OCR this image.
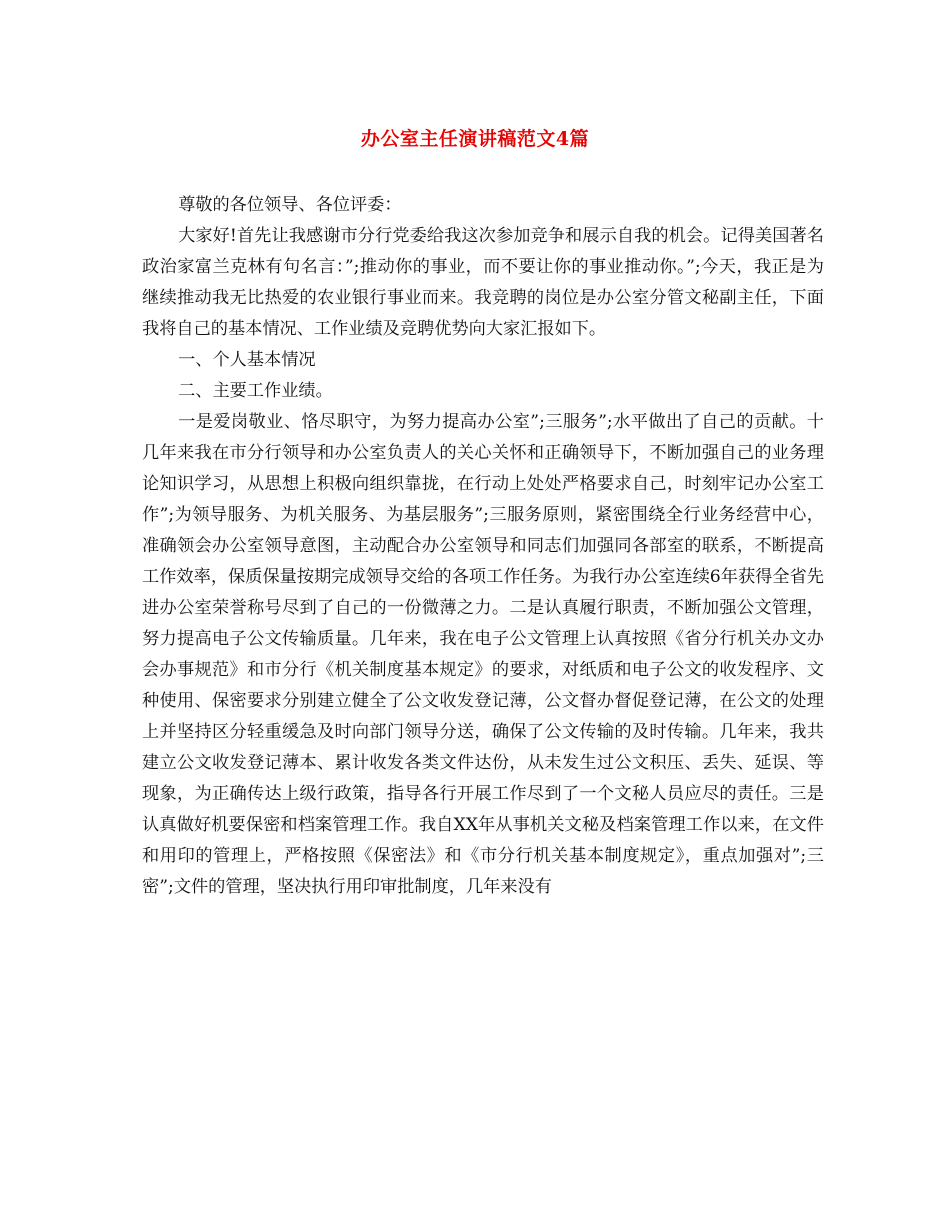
办公室主任演讲稿范文4篇

尊敬的各位领导、各位评委：

大家好!首先让我感谢市分行党委给我这次参加竞争和展示自我的机会。记得美国著名政治家富兰克林有句名言：”;推动你的事业，而不要让你的事业推动你。”;今天，我正是为继续推动我无比热爱的农业银行事业而来。我竞聘的岗位是办公室分管文秘副主任，下面我将自己的基本情况、工作业绩及竞聘优势向大家汇报如下。

一、个人基本情况

二、主要工作业绩。

一是爱岗敬业、恪尽职守，为努力提高办公室”;三服务”;水平做出了自己的贡献。十几年来我在市分行领导和办公室负责人的关心关怀和正确领导下，不断加强自己的业务理论知识学习，从思想上积极向组织靠拢，在行动上处处严格要求自己，时刻牢记办公室工作”;为领导服务、为机关服务、为基层服务”;三服务原则，紧密围绕全行业务经营中心，准确领会办公室领导意图，主动配合办公室领导和同志们加强同各部室的联系，不断提高工作效率，保质保量按期完成领导交给的各项工作任务。为我行办公室连续6年获得全省先进办公室荣誉称号尽到了自己的一份微薄之力。二是认真履行职责，不断加强公文管理，努力提高电子公文传输质量。几年来，我在电子公文管理上认真按照《省分行机关办文办会办事规范》和市分行《机关制度基本规定》的要求，对纸质和电子公文的收发程序、文种使用、保密要求分别建立健全了公文收发登记薄，公文督办督促登记薄，在公文的处理上并坚持区分轻重缓急及时向部门领导分送，确保了公文传输的及时传输。几年来，我共建立公文收发登记薄本、累计收发各类文件达份，从未发生过公文积压、丢失、延误、等现象，为正确传达上级行政策，指导各行开展工作尽到了一个文秘人员应尽的责任。三是认真做好机要保密和档案管理工作。我自XX年从事机关文秘及档案管理工作以来，在文件和用印的管理上，严格按照《保密法》和《市分行机关基本制度规定》，重点加强对”;三密”;文件的管理，坚决执行用印审批制度，几年来没有
